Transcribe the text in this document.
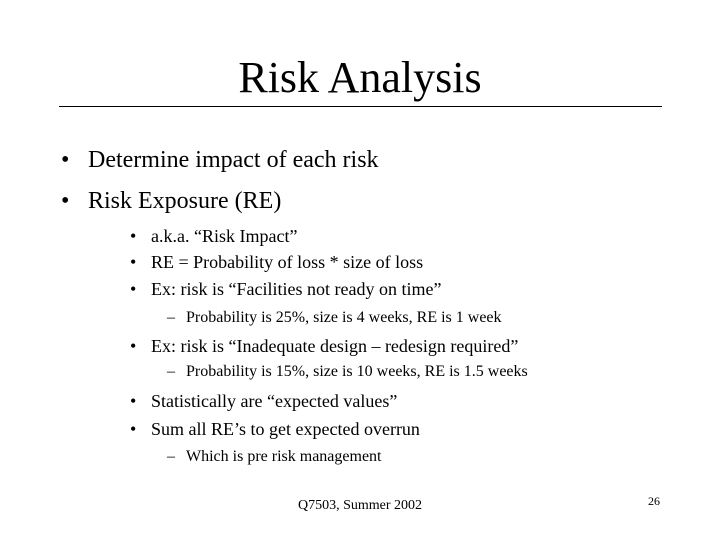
Risk Analysis
• Determine impact of each risk
• Risk Exposure (RE)
• a.k.a. “Risk Impact”
• RE = Probability of loss * size of loss
• Ex: risk is “Facilities not ready on time”
– Probability is 25%, size is 4 weeks, RE is 1 week
• Ex: risk is “Inadequate design – redesign required”
– Probability is 15%, size is 10 weeks, RE is 1.5 weeks
• Statistically are “expected values”
• Sum all RE’s to get expected overrun
– Which is pre risk management
Q7503, Summer 2002	26
